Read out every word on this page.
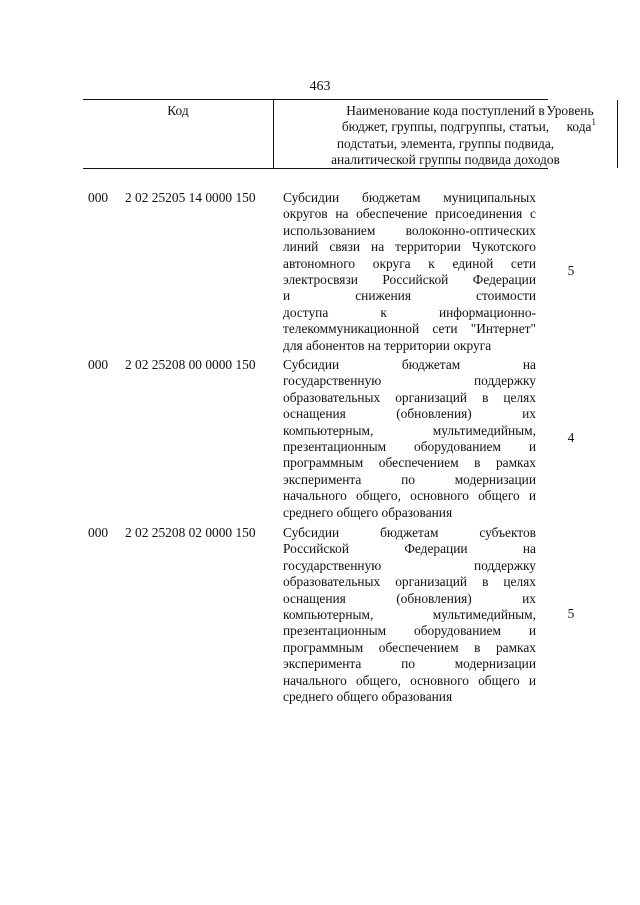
463
Код	Наименование кода поступлений в
бюджет, группы, подгруппы, статьи,
подстатьи, элемента, группы подвида,
аналитической группы подвида доходов
Уровень
кода$^1$
000 2 02 25205 14 0000 150 Субсидии бюджетам муниципальных
округов на обеспечение присоединения с
использованием волоконно-оптических
линий связи на территории Чукотского
автономного округа к единой сети
электросвязи Российской Федерации
и снижения стоимости
доступа к информационно-
телекоммуникационной сети "Интернет"
для абонентов на территории округа
5
000 2 02 25208 00 0000 150 Субсидии бюджетам на
государственную поддержку
образовательных организаций в целях
оснащения (обновления) их
компьютерным, мультимедийным,
презентационным оборудованием и
программным обеспечением в рамках
эксперимента по модернизации
начального общего, основного общего и
среднего общего образования
4
000 2 02 25208 02 0000 150 Субсидии бюджетам субъектов
Российской Федерации на
государственную поддержку
образовательных организаций в целях
оснащения (обновления) их
компьютерным, мультимедийным,
презентационным оборудованием и
программным обеспечением в рамках
эксперимента по модернизации
начального общего, основного общего и
среднего общего образования
5
